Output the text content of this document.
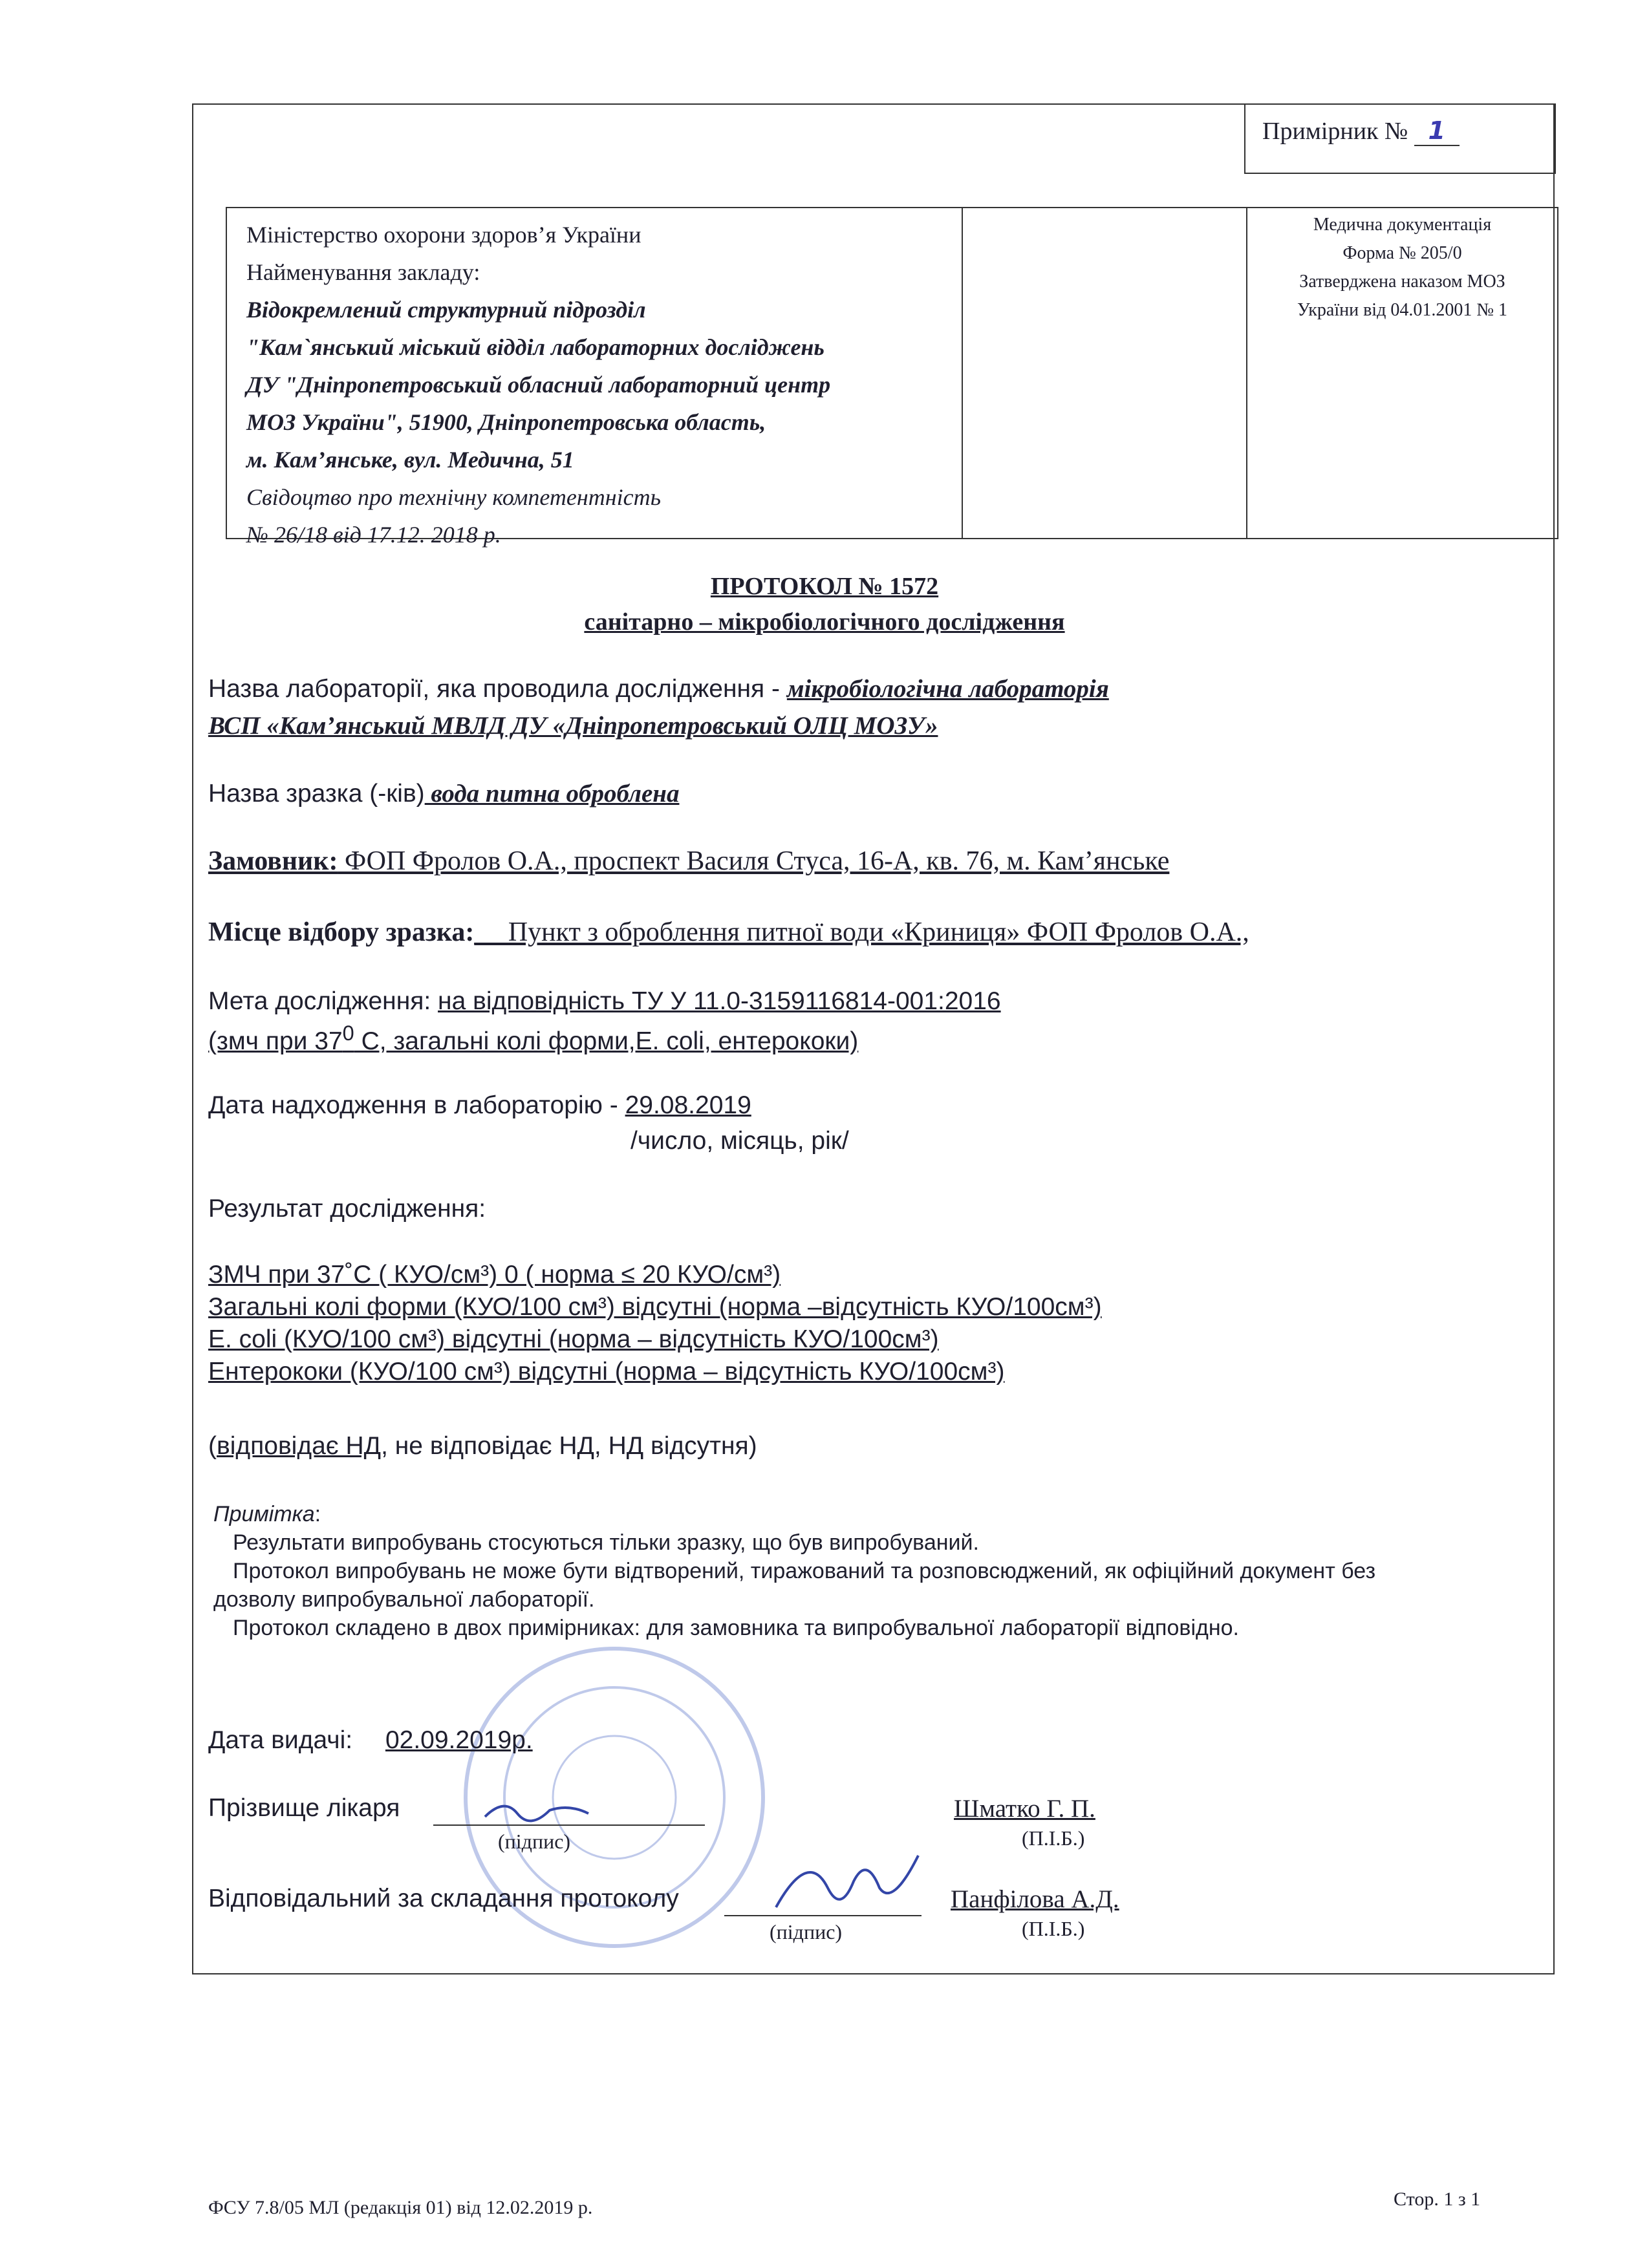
Примірник № 1
Міністерство охорони здоров’я України
Найменування закладу:
Відокремлений структурний підрозділ
"Кам`янський міський відділ лабораторних досліджень
ДУ "Дніпропетровський обласний лабораторний центр
МОЗ України", 51900, Дніпропетровська область,
м. Кам’янське, вул. Медична, 51
Свідоцтво про технічну компетентність
№ 26/18 від 17.12. 2018 р.
Медична документація
Форма № 205/0
Затверджена наказом МОЗ
України від 04.01.2001 № 1
ПРОТОКОЛ № 1572
санітарно – мікробіологічного дослідження
Назва лабораторії, яка проводила дослідження - мікробіологічна лабораторія
ВСП «Кам’янський МВЛД ДУ «Дніпропетровський ОЛЦ МОЗУ»
Назва зразка (-ків) вода питна оброблена
Замовник: ФОП Фролов О.А., проспект Василя Стуса, 16-А, кв. 76, м. Кам’янське
Місце відбору зразка:__ Пункт з оброблення питної води «Криниця» ФОП Фролов О.А.,
Мета дослідження: на відповідність ТУ У 11.0-3159116814-001:2016
(змч при $37^0$ С, загальні колі форми,Е. coli, ентерококи)
Дата надходження в лабораторію - 29.08.2019
/число, місяць, рік/
Результат дослідження:
ЗМЧ при 37˚С ( КУО/см³) 0 ( норма ≤ 20 КУО/см³)
Загальні колі форми (КУО/100 см³) відсутні (норма –відсутність КУО/100см³)
Е. coli (КУО/100 см³) відсутні (норма – відсутність КУО/100см³)
Ентерококи (КУО/100 см³) відсутні (норма – відсутність КУО/100см³)
(відповідає НД, не відповідає НД, НД відсутня)
Примітка:
Результати випробувань стосуються тільки зразку, що був випробуваний.
Протокол випробувань не може бути відтворений, тиражований та розповсюджений, як офіційний документ без
дозволу випробувальної лабораторії.
Протокол складено в двох примірниках: для замовника та випробувальної лабораторії відповідно.
Дата видачі: 02.09.2019р.
Прізвище лікаря
(підпис)
Шматко Г. П.
(П.І.Б.)
Відповідальний за складання протоколу
(підпис)
Панфілова А.Д.
(П.І.Б.)
ФСУ 7.8/05 МЛ (редакція 01) від 12.02.2019 р.	Стор. 1 з 1
